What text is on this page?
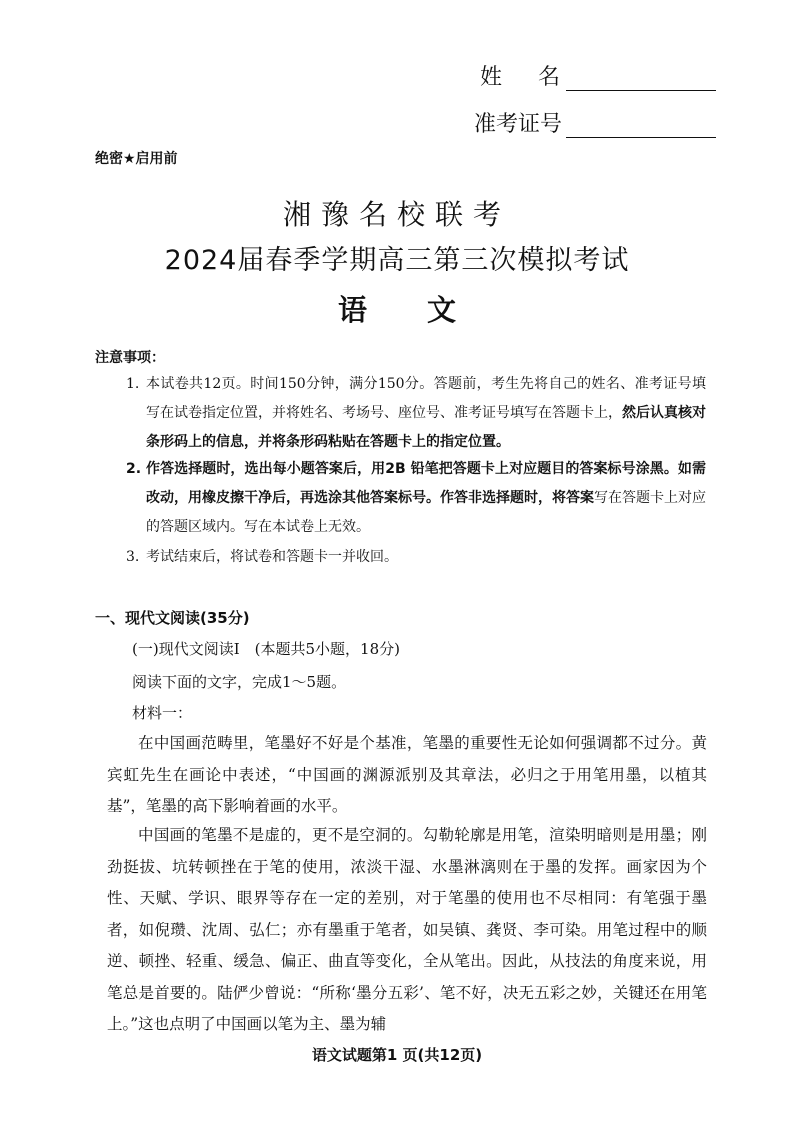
姓名
准考证号
绝密★启用前
湘豫名校联考
2024届春季学期高三第三次模拟考试
语文
注意事项：
1. 本试卷共12页。时间150分钟，满分150分。答题前，考生先将自己的姓名、准考证号填写在试卷指定位置，并将姓名、考场号、座位号、准考证号填写在答题卡上，然后认真核对条形码上的信息，并将条形码粘贴在答题卡上的指定位置。
2. 作答选择题时，选出每小题答案后，用2B 铅笔把答题卡上对应题目的答案标号涂黑。如需改动，用橡皮擦干净后，再选涂其他答案标号。作答非选择题时，将答案写在答题卡上对应的答题区域内。写在本试卷上无效。
3. 考试结束后，将试卷和答题卡一并收回。
一、现代文阅读(35分)
(一)现代文阅读Ⅰ　(本题共5小题，18分)
阅读下面的文字，完成1～5题。
材料一：
在中国画范畴里，笔墨好不好是个基准，笔墨的重要性无论如何强调都不过分。黄宾虹先生在画论中表述，“中国画的渊源派别及其章法，必归之于用笔用墨，以植其基”，笔墨的高下影响着画的水平。
中国画的笔墨不是虚的，更不是空洞的。勾勒轮廓是用笔，渲染明暗则是用墨；刚劲挺拔、坑转顿挫在于笔的使用，浓淡干湿、水墨淋漓则在于墨的发挥。画家因为个性、天赋、学识、眼界等存在一定的差别，对于笔墨的使用也不尽相同：有笔强于墨者，如倪瓒、沈周、弘仁；亦有墨重于笔者，如吴镇、龚贤、李可染。用笔过程中的顺逆、顿挫、轻重、缓急、偏正、曲直等变化，全从笔出。因此，从技法的角度来说，用笔总是首要的。陆俨少曾说：“所称‘墨分五彩’、笔不好，决无五彩之妙，关键还在用笔上。”这也点明了中国画以笔为主、墨为辅
语文试题第1 页(共12页)
